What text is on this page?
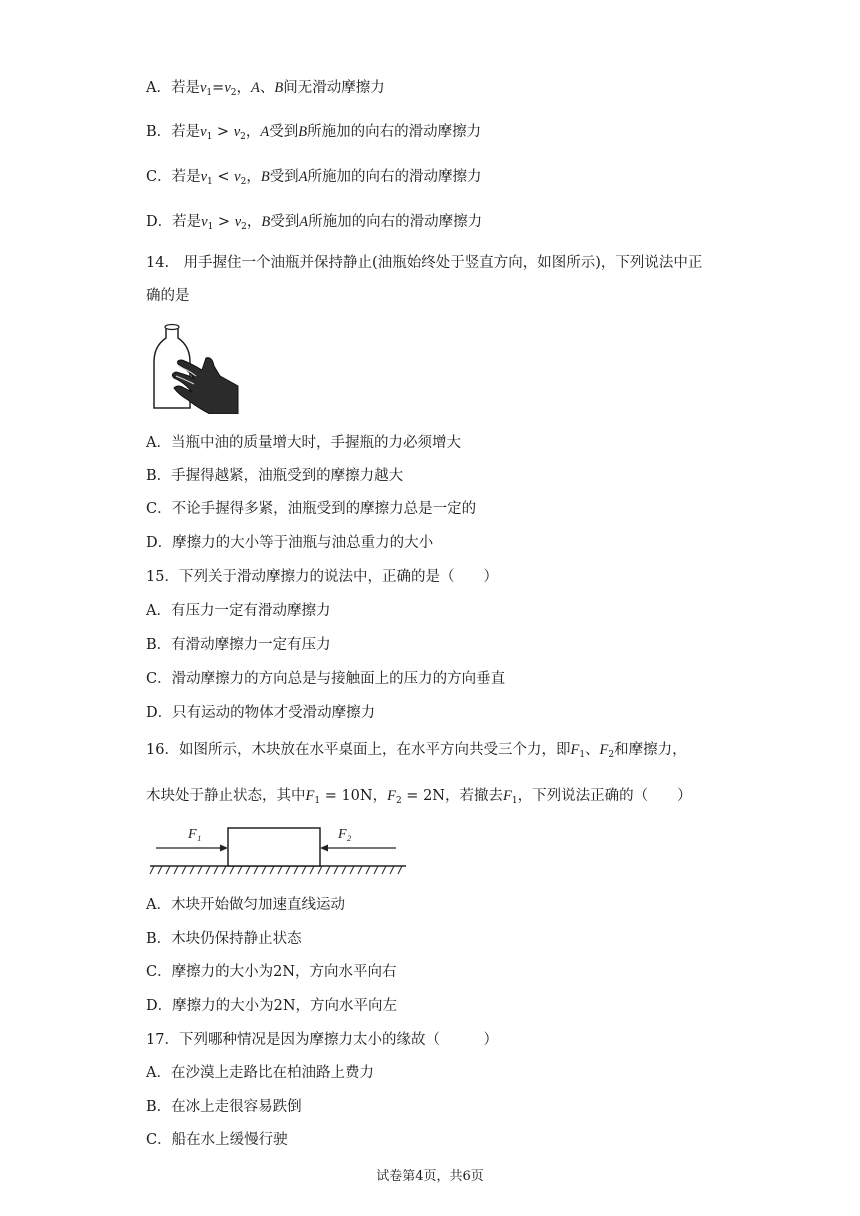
A．若是$v_1=v_2$，A、B间无滑动摩擦力
B．若是$v_1 > v_2$，A受到B所施加的向右的滑动摩擦力
C．若是$v_1 < v_2$，B受到A所施加的向右的滑动摩擦力
D．若是$v_1 > v_2$，B受到A所施加的向右的滑动摩擦力
14.　用手握住一个油瓶并保持静止(油瓶始终处于竖直方向，如图所示)，下列说法中正
确的是
A．当瓶中油的质量增大时，手握瓶的力必须增大
B．手握得越紧，油瓶受到的摩擦力越大
C．不论手握得多紧，油瓶受到的摩擦力总是一定的
D．摩擦力的大小等于油瓶与油总重力的大小
15．下列关于滑动摩擦力的说法中，正确的是（　　）
A．有压力一定有滑动摩擦力
B．有滑动摩擦力一定有压力
C．滑动摩擦力的方向总是与接触面上的压力的方向垂直
D．只有运动的物体才受滑动摩擦力
16．如图所示，木块放在水平桌面上，在水平方向共受三个力，即$F_1$、$F_2$和摩擦力，
木块处于静止状态，其中$F_1 = 10N$，$F_2 = 2N$，若撤去$F_1$，下列说法正确的（　　）
F₁	F₂
A．木块开始做匀加速直线运动
B．木块仍保持静止状态
C．摩擦力的大小为2N，方向水平向右
D．摩擦力的大小为2N，方向水平向左
17．下列哪种情况是因为摩擦力太小的缘故（　　　）
A．在沙漠上走路比在柏油路上费力
B．在冰上走很容易跌倒
C．船在水上缓慢行驶
试卷第4页，共6页
